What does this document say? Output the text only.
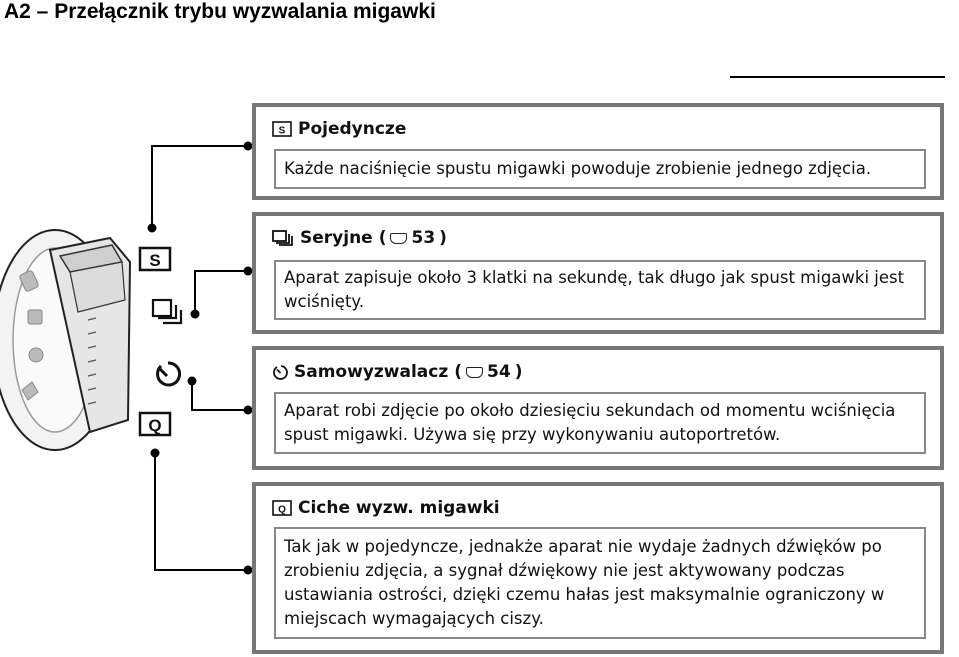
A2 – Przełącznik trybu wyzwalania migawki
S
Q
S Pojedyncze
Każde naciśnięcie spustu migawki powoduje zrobienie jednego zdjęcia.
Seryjne ( 53 )
Aparat zapisuje około 3 klatki na sekundę, tak długo jak spust migawki jest wciśnięty.
Samowyzwalacz ( 54 )
Aparat robi zdjęcie po około dziesięciu sekundach od momentu wciśnięcia spust migawki. Używa się przy wykonywaniu autoportretów.
Q Ciche wyzw. migawki
Tak jak w pojedyncze, jednakże aparat nie wydaje żadnych dźwięków po zrobieniu zdjęcia, a sygnał dźwiękowy nie jest aktywowany podczas ustawiania ostrości, dzięki czemu hałas jest maksymalnie ograniczony w miejscach wymagających ciszy.
